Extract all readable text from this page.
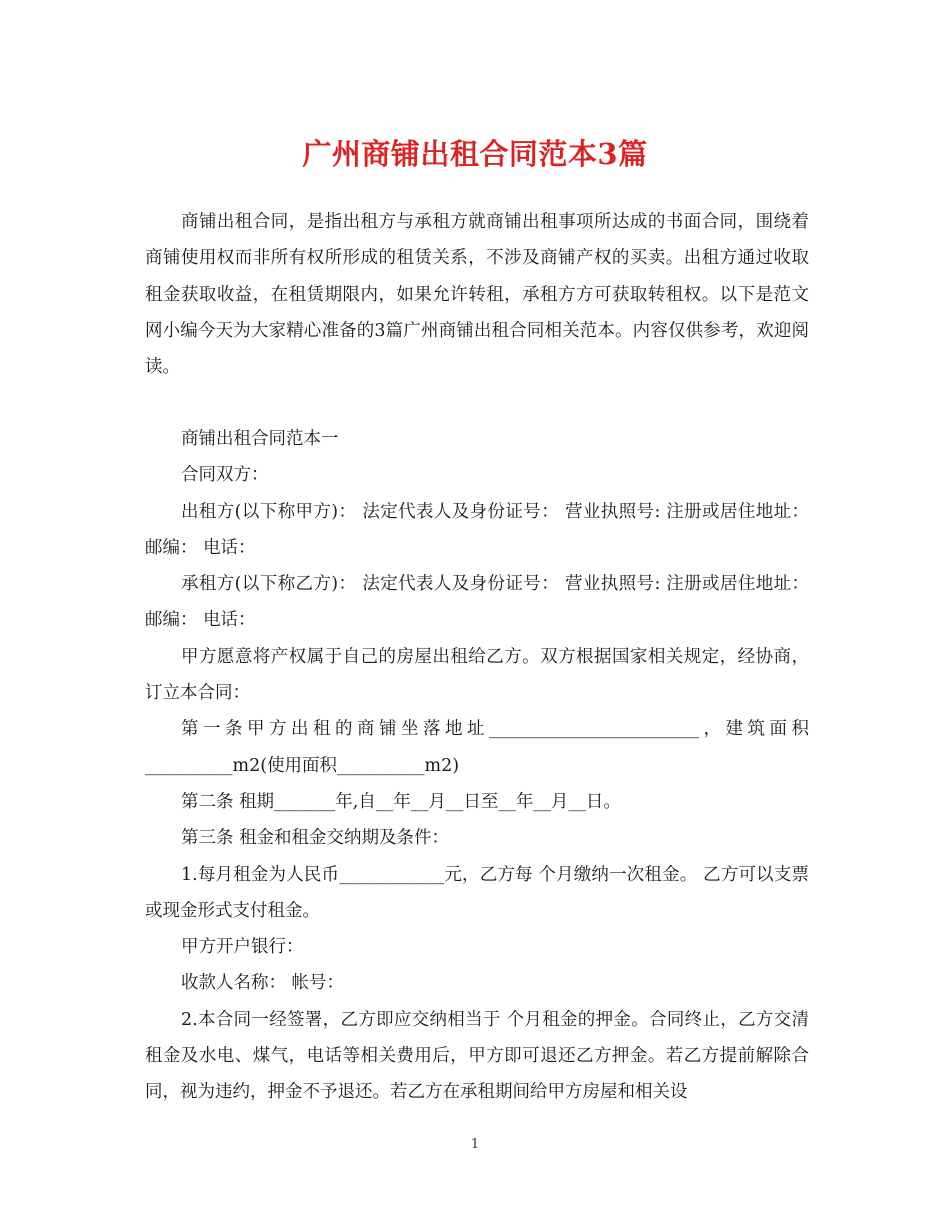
广州商铺出租合同范本3篇

商铺出租合同，是指出租方与承租方就商铺出租事项所达成的书面合同，围绕着商铺使用权而非所有权所形成的租赁关系，不涉及商铺产权的买卖。出租方通过收取租金获取收益，在租赁期限内，如果允许转租，承租方方可获取转租权。以下是范文网小编今天为大家精心准备的3篇广州商铺出租合同相关范本。内容仅供参考，欢迎阅读。

商铺出租合同范本一

合同双方：

出租方(以下称甲方)： 法定代表人及身份证号： 营业执照号: 注册或居住地址： 邮编： 电话：

承租方(以下称乙方)： 法定代表人及身份证号： 营业执照号: 注册或居住地址： 邮编： 电话：

甲方愿意将产权属于自己的房屋出租给乙方。双方根据国家相关规定，经协商，订立本合同：

第一条甲方出租的商铺坐落地址________________________，建筑面积__________m2(使用面积__________m2)

第二条 租期_______年,自__年__月__日至__年__月__日。

第三条 租金和租金交纳期及条件：

1.每月租金为人民币____________元，乙方每 个月缴纳一次租金。 乙方可以支票或现金形式支付租金。

甲方开户银行：

收款人名称： 帐号：

2.本合同一经签署，乙方即应交纳相当于 个月租金的押金。合同终止，乙方交清租金及水电、煤气，电话等相关费用后，甲方即可退还乙方押金。若乙方提前解除合同，视为违约，押金不予退还。若乙方在承租期间给甲方房屋和相关设

1
